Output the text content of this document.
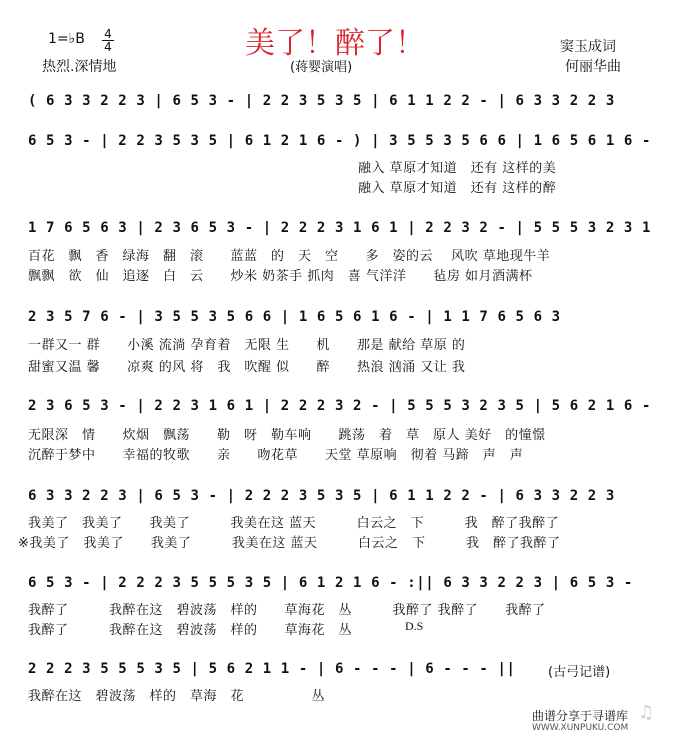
1=♭B 4
4
热烈.深情地
美了！醉了！
(蒋婴演唱)
窦玉成词
何丽华曲
( 6 3 3 2 2 3 | 6 5 3 - | 2 2 3 5 3 5 | 6 1 1 2 2 - | 6 3 3 2 2 3
6 5 3 - | 2 2 3 5 3 5 | 6 1 2 1 6 - ) | 3 5 5 3 5 6 6 | 1 6 5 6 1 6 -
融入 草原才知道　还有 这样的美
融入 草原才知道　还有 这样的醉
1 7 6 5 6 3 | 2 3 6 5 3 - | 2 2 2 3 1 6 1 | 2 2 3 2 - | 5 5 5 3 2 3 1
百花　飘　香　绿海　翻　滚　　蓝蓝　的　天　空　　多　姿的云　 风吹 草地现牛羊
飘飘　欲　仙　追逐　白　云　　炒米 奶茶手 抓肉　喜 气洋洋　　毡房 如月酒满杯
2 3 5 7 6 - | 3 5 5 3 5 6 6 | 1 6 5 6 1 6 - | 1 1 7 6 5 6 3
一群又一 群　　小溪 流淌 孕育着　无限 生　　机　　那是 献给 草原 的
甜蜜又温 馨　　凉爽 的风 将　我　吹醒 似　　醉　　热浪 汹涌 又让 我
2 3 6 5 3 - | 2 2 3 1 6 1 | 2 2 2 3 2 - | 5 5 5 3 2 3 5 | 5 6 2 1 6 -
无限深　情　　炊烟　飘荡　　勒　呀　勒车响　　跳荡　着　草　原人 美好　的憧憬
沉醉于梦中　　幸福的牧歌　　亲　　吻花草　　天堂 草原响　彻着 马蹄　声　声
6 3 3 2 2 3 | 6 5 3 - | 2 2 2 3 5 3 5 | 6 1 1 2 2 - | 6 3 3 2 2 3
我美了　我美了　　我美了　　　我美在这 蓝天　　　白云之　下　　　我　醉了我醉了
※我美了　我美了　　我美了　　　我美在这 蓝天　　　白云之　下　　　我　醉了我醉了
6 5 3 - | 2 2 2 3 5 5 5 3 5 | 6 1 2 1 6 - :|| 6 3 3 2 2 3 | 6 5 3 -
我醉了　　　我醉在这　碧波荡　样的　　草海花　丛　　　我醉了 我醉了　　我醉了
我醉了　　　我醉在这　碧波荡　样的　　草海花　丛	D.S
2 2 2 3 5 5 5 3 5 | 5 6 2 1 1 - | 6 - - - | 6 - - - ||
我醉在这　碧波荡　样的　草海　花　　　　　丛
(古弓记谱)
曲谱分享于寻谱库
WWW.XUNPUKU.COM
♫
